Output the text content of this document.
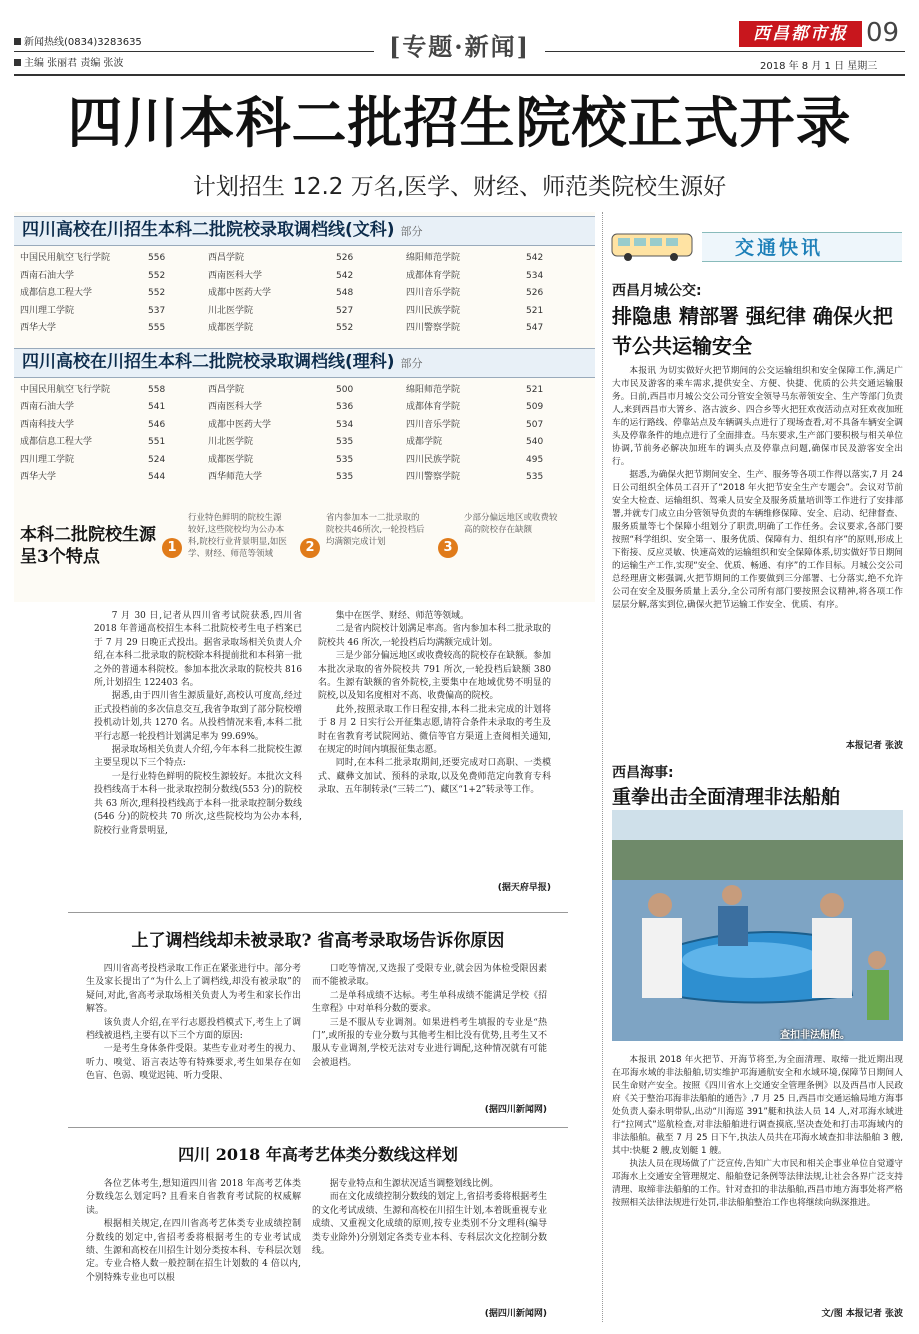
新闻热线(0834)3283635
主编 张丽君 责编 张波
[专题·新闻]	西昌都市报 09
2018 年 8 月 1 日 星期三
四川本科二批招生院校正式开录
计划招生 12.2 万名,医学、财经、师范类院校生源好
四川高校在川招生本科二批院校录取调档线(文科) 部分
中国民用航空飞行学院	556	西昌学院	526	绵阳师范学院	542
西南石油大学	552	西南医科大学	542	成都体育学院	534
成都信息工程大学	552	成都中医药大学	548	四川音乐学院	526
四川理工学院	537	川北医学院	527	四川民族学院	521
西华大学	555	成都医学院	552	四川警察学院	547
四川高校在川招生本科二批院校录取调档线(理科) 部分
中国民用航空飞行学院	558	西昌学院	500	绵阳师范学院	521
西南石油大学	541	西南医科大学	536	成都体育学院	509
西南科技大学	546	成都中医药大学	534	四川音乐学院	507
成都信息工程大学	551	川北医学院	535	成都学院	540
四川理工学院	524	成都医学院	535	四川民族学院	495
西华大学	544	西华师范大学	535	四川警察学院	535
本科二批院校生源呈3个特点	1
行业特色鲜明的院校生源较好,这些院校均为公办本科,院校行业背景明显,如医学、财经、师范等领域	2
省内参加本一二批录取的院校共46所次,一轮投档后均满额完成计划	3
少部分偏远地区或收费较高的院校存在缺额

7 月 30 日,记者从四川省考试院获悉,四川省 2018 年普通高校招生本科二批院校考生电子档案已于 7 月 29 日晚正式投出。据省录取场相关负责人介绍,在本科二批录取的院校除本科提前批和本科第一批之外的普通本科院校。参加本批次录取的院校共 816 所,计划招生 122403 名。

据悉,由于四川省生源质量好,高校认可度高,经过正式投档前的多次信息交互,我省争取到了部分院校增投机动计划,共 1270 名。从投档情况来看,本科二批平行志愿一轮投档计划满足率为 99.69%。

据录取场相关负责人介绍,今年本科二批院校生源主要呈现以下三个特点:

一是行业特色鲜明的院校生源较好。本批次文科投档线高于本科一批录取控制分数线(553 分)的院校共 63 所次,理科投档线高于本科一批录取控制分数线(546 分)的院校共 70 所次,这些院校均为公办本科,院校行业背景明显,

集中在医学、财经、师范等领域。

二是省内院校计划满足率高。省内参加本科二批录取的院校共 46 所次,一轮投档后均满额完成计划。

三是少部分偏远地区或收费较高的院校存在缺额。参加本批次录取的省外院校共 791 所次,一轮投档后缺额 380 名。生源有缺额的省外院校,主要集中在地域优势不明显的院校,以及知名度相对不高、收费偏高的院校。

此外,按照录取工作日程安排,本科二批未完成的计划将于 8 月 2 日实行公开征集志愿,请符合条件未录取的考生及时在省教育考试院网站、微信等官方渠道上查阅相关通知,在规定的时间内填报征集志愿。

同时,在本科二批录取期间,还要完成对口高职、一类模式、藏彝文加试、预科的录取,以及免费师范定向教育专科录取、五年制转录(“三转二”)、藏区“1+2”转录等工作。

(据天府早报)
上了调档线却未被录取? 省高考录取场告诉你原因

四川省高考投档录取工作正在紧张进行中。部分考生及家长提出了“为什么上了调档线,却没有被录取”的疑问,对此,省高考录取场相关负责人为考生和家长作出解答。

该负责人介绍,在平行志愿投档模式下,考生上了调档线被退档,主要有以下三个方面的原因:

一是考生身体条件受限。某些专业对考生的视力、听力、嗅觉、语言表达等有特殊要求,考生如果存在如色盲、色弱、嗅觉迟钝、听力受限、

口吃等情况,又选报了受限专业,就会因为体检受限因素而不能被录取。

二是单科成绩不达标。考生单科成绩不能满足学校《招生章程》中对单科分数的要求。

三是不服从专业调剂。如果进档考生填报的专业是“热门”,或所报的专业分数与其他考生相比没有优势,且考生又不服从专业调剂,学校无法对专业进行调配,这种情况就有可能会被退档。

(据四川新闻网)
四川 2018 年高考艺体类分数线这样划

各位艺体考生,想知道四川省 2018 年高考艺体类分数线怎么划定吗? 且看来自省教育考试院的权威解读。

根据相关规定,在四川省高考艺体类专业成绩控制分数线的划定中,省招考委将根据考生的专业考试成绩、生源和高校在川招生计划分类按本科、专科层次划定。专业合格人数一般控制在招生计划数的 4 倍以内,个别特殊专业也可以根

据专业特点和生源状况适当调整划线比例。

而在文化成绩控制分数线的划定上,省招考委将根据考生的文化考试成绩、生源和高校在川招生计划,本着既重视专业成绩、又重视文化成绩的原则,按专业类别不分文理科(编导类专业除外)分别划定各类专业本科、专科层次文化控制分数线。

(据四川新闻网)
交通快讯
西昌月城公交:
排隐患 精部署 强纪律 确保火把节公共运输安全

本报讯 为切实做好火把节期间的公交运输组织和安全保障工作,满足广大市民及游客的乘车需求,提供安全、方便、快捷、优质的公共交通运输服务。日前,西昌市月城公交公司分管安全领导马东蒂领安全、生产等部门负责人,来到西昌市大箐乡、洛古波乡、四合乡等火把狂欢夜活动点对狂欢夜加班车的运行路线、停靠站点及车辆调头点进行了现场查看,对不具备车辆安全调头及停靠条件的地点进行了全面排查。马东要求,生产部门要积极与相关单位协调,节前务必解决加班车的调头点及停靠点问题,确保市民及游客安全出行。

据悉,为确保火把节期间安全、生产、服务等各项工作得以落实,7 月 24 日公司组织全体员工召开了“2018 年火把节安全生产专题会”。会议对节前安全大检查、运输组织、驾乘人员安全及服务质量培训等工作进行了安排部署,并就专门成立由分管领导负责的车辆维修保障、安全、启动、纪律督查、服务质量等七个保障小组划分了职责,明确了工作任务。会议要求,各部门要按照“科学组织、安全第一、服务优质、保障有力、组织有序”的原则,形成上下衔接、反应灵敏、快速高效的运输组织和安全保障体系,切实做好节日期间的运输生产工作,实现“安全、优质、畅通、有序”的工作目标。月城公交公司总经理唐文彬强调,火把节期间的工作要做到三分部署、七分落实,绝不允许公司在安全及服务质量上丢分,全公司所有部门要按照会议精神,将各项工作层层分解,落实到位,确保火把节运输工作安全、优质、有序。

本报记者 张波
西昌海事:
重拳出击全面清理非法船舶
查扣非法船舶。

本报讯 2018 年火把节、开海节将至,为全面清理、取缔一批近期出现在邛海水域的非法船舶,切实维护邛海通航安全和水域环境,保障节日期间人民生命财产安全。按照《四川省水上交通安全管理条例》以及西昌市人民政府《关于整治邛海非法船舶的通告》,7 月 25 日,西昌市交通运输局地方海事处负责人秦永明带队,出动“川海巡 391”艇和执法人员 14 人,对邛海水域进行“拉网式”巡航检查,对非法船舶进行调查摸底,坚决查处和打击邛海域内的非法船舶。截至 7 月 25 日下午,执法人员共在邛海水域查扣非法船舶 3 艘,其中:快艇 2 艘,皮划艇 1 艘。

执法人员在现场做了广泛宣传,告知广大市民和相关企事业单位自觉遵守邛海水上交通安全管理规定、船舶登记条例等法律法规,让社会各界广泛支持清理、取缔非法船舶的工作。针对查扣的非法船舶,西昌市地方海事处将严格按照相关法律法规进行处罚,非法船舶整治工作也将继续向纵深推进。

文/图 本报记者 张波
